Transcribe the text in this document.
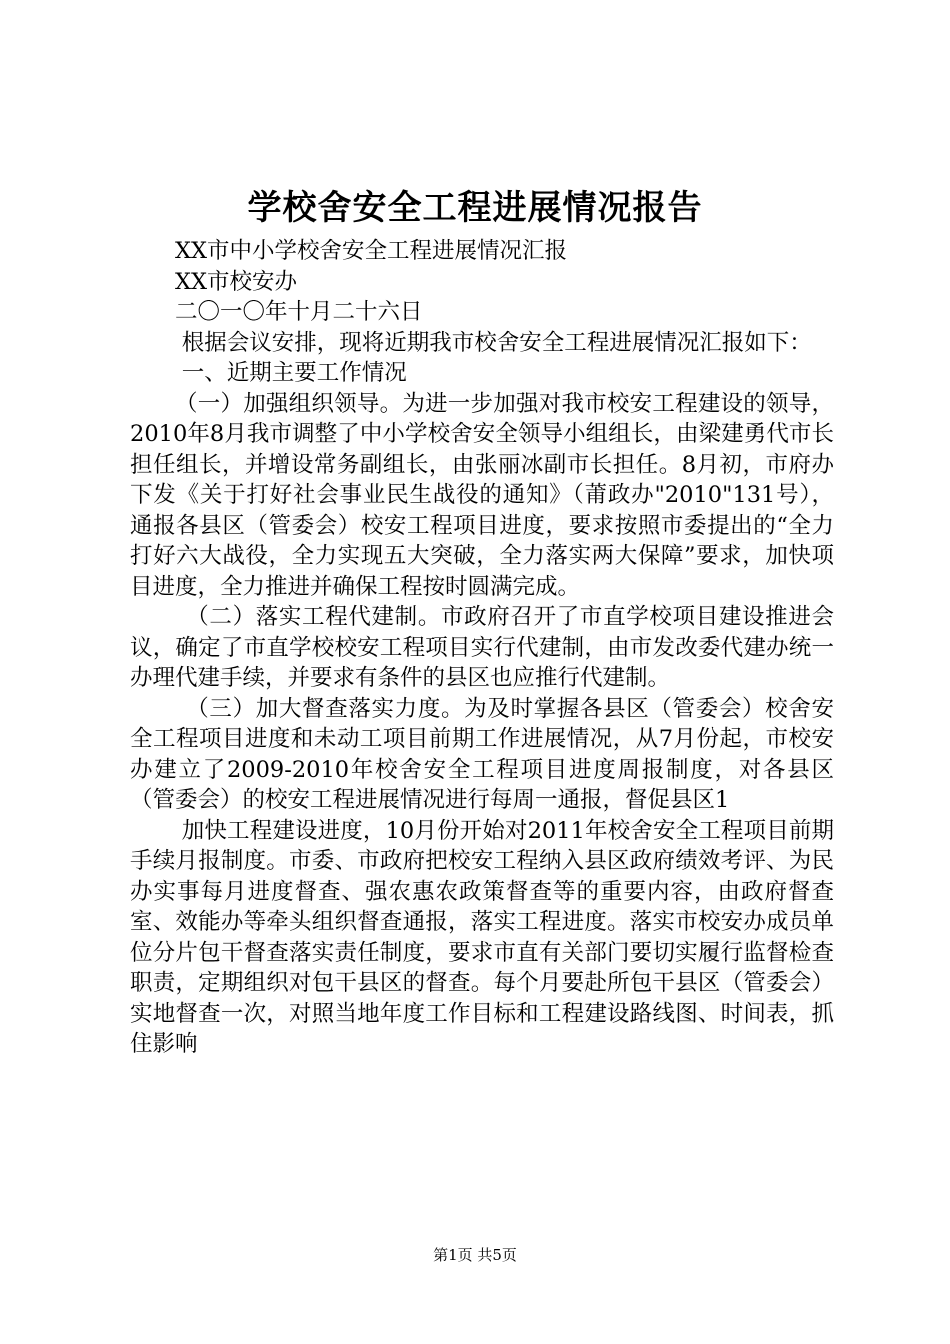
学校舍安全工程进展情况报告

XX市中小学校舍安全工程进展情况汇报

XX市校安办

二〇一〇年十月二十六日

根据会议安排，现将近期我市校舍安全工程进展情况汇报如下：

一、近期主要工作情况

（一）加强组织领导。为进一步加强对我市校安工程建设的领导，2010年8月我市调整了中小学校舍安全领导小组组长，由梁建勇代市长担任组长，并增设常务副组长，由张丽冰副市长担任。8月初，市府办下发《关于打好社会事业民生战役的通知》（莆政办"2010"131号），通报各县区（管委会）校安工程项目进度，要求按照市委提出的“全力打好六大战役，全力实现五大突破，全力落实两大保障”要求，加快项目进度，全力推进并确保工程按时圆满完成。

（二）落实工程代建制。市政府召开了市直学校项目建设推进会议，确定了市直学校校安工程项目实行代建制，由市发改委代建办统一办理代建手续，并要求有条件的县区也应推行代建制。

（三）加大督查落实力度。为及时掌握各县区（管委会）校舍安全工程项目进度和未动工项目前期工作进展情况，从7月份起，市校安办建立了2009-2010年校舍安全工程项目进度周报制度，对各县区（管委会）的校安工程进展情况进行每周一通报，督促县区1

加快工程建设进度，10月份开始对2011年校舍安全工程项目前期手续月报制度。市委、市政府把校安工程纳入县区政府绩效考评、为民办实事每月进度督查、强农惠农政策督查等的重要内容，由政府督查室、效能办等牵头组织督查通报，落实工程进度。落实市校安办成员单位分片包干督查落实责任制度，要求市直有关部门要切实履行监督检查职责，定期组织对包干县区的督查。每个月要赴所包干县区（管委会）实地督查一次，对照当地年度工作目标和工程建设路线图、时间表，抓住影响

第1页 共5页
